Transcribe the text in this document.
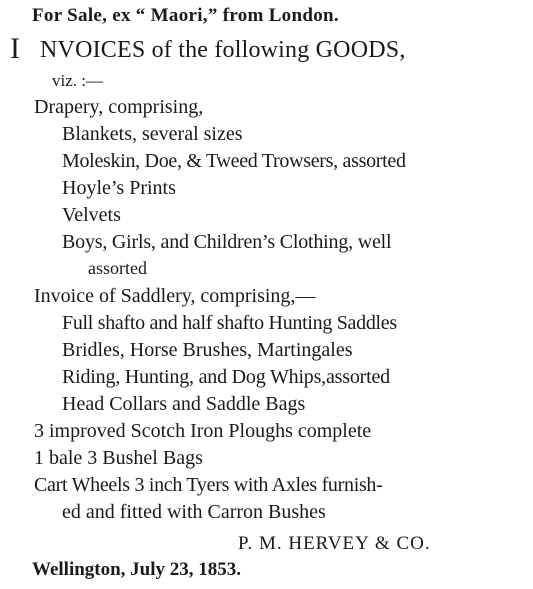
For Sale, ex “ Maori,” from London.
I NVOICES of the following GOODS,
viz. :—
Drapery, comprising,
Blankets, several sizes
Moleskin, Doe, & Tweed Trowsers, assorted
Hoyle’s Prints
Velvets
Boys, Girls, and Children’s Clothing, well
assorted
Invoice of Saddlery, comprising,—
Full shafto and half shafto Hunting Saddles
Bridles, Horse Brushes, Martingales
Riding, Hunting, and Dog Whips,assorted
Head Collars and Saddle Bags
3 improved Scotch Iron Ploughs complete
1 bale 3 Bushel Bags
Cart Wheels 3 inch Tyers with Axles furnish-
ed and fitted with Carron Bushes
P. M. HERVEY & CO.
Wellington, July 23, 1853.
